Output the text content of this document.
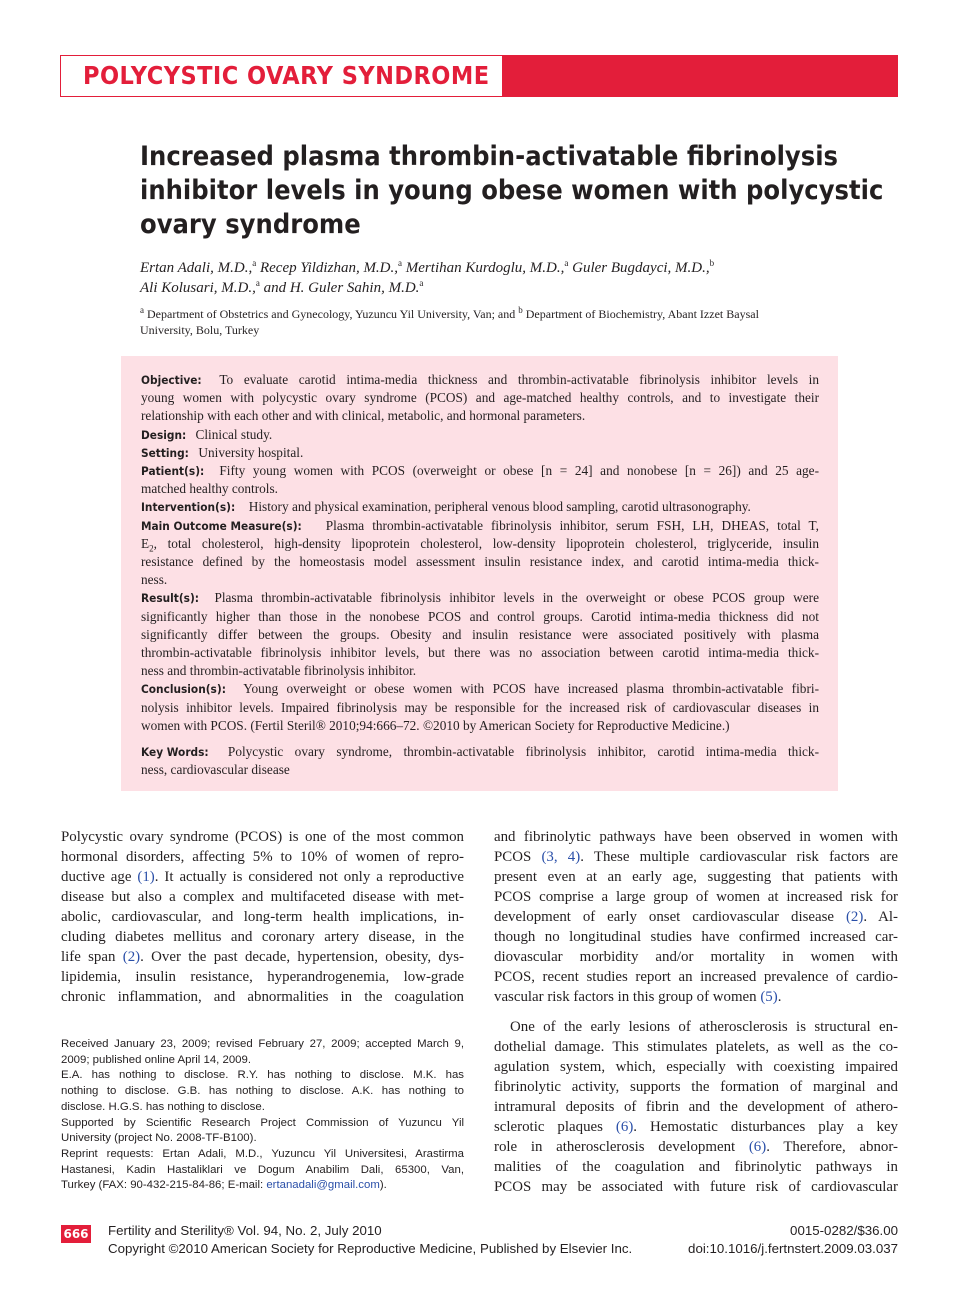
POLYCYSTIC OVARY SYNDROME
Increased plasma thrombin-activatable fibrinolysis
inhibitor levels in young obese women with polycystic
ovary syndrome
Ertan Adali, M.D.,$^a$ Recep Yildizhan, M.D.,$^a$ Mertihan Kurdoglu, M.D.,$^a$ Guler Bugdayci, M.D.,$^b$
Ali Kolusari, M.D.,$^a$ and H. Guler Sahin, M.D.$^a$
$^a$ Department of Obstetrics and Gynecology, Yuzuncu Yil University, Van; and $^b$ Department of Biochemistry, Abant Izzet Baysal
University, Bolu, Turkey
Objective: To evaluate carotid intima-media thickness and thrombin-activatable fibrinolysis inhibitor levels in
young women with polycystic ovary syndrome (PCOS) and age-matched healthy controls, and to investigate their
relationship with each other and with clinical, metabolic, and hormonal parameters.
Design: Clinical study.
Setting: University hospital.
Patient(s): Fifty young women with PCOS (overweight or obese [n = 24] and nonobese [n = 26]) and 25 age-
matched healthy controls.
Intervention(s): History and physical examination, peripheral venous blood sampling, carotid ultrasonography.
Main Outcome Measure(s): Plasma thrombin-activatable fibrinolysis inhibitor, serum FSH, LH, DHEAS, total T,
$E_2$, total cholesterol, high-density lipoprotein cholesterol, low-density lipoprotein cholesterol, triglyceride, insulin
resistance defined by the homeostasis model assessment insulin resistance index, and carotid intima-media thick-
ness.
Result(s): Plasma thrombin-activatable fibrinolysis inhibitor levels in the overweight or obese PCOS group were
significantly higher than those in the nonobese PCOS and control groups. Carotid intima-media thickness did not
significantly differ between the groups. Obesity and insulin resistance were associated positively with plasma
thrombin-activatable fibrinolysis inhibitor levels, but there was no association between carotid intima-media thick-
ness and thrombin-activatable fibrinolysis inhibitor.
Conclusion(s): Young overweight or obese women with PCOS have increased plasma thrombin-activatable fibri-
nolysis inhibitor levels. Impaired fibrinolysis may be responsible for the increased risk of cardiovascular diseases in
women with PCOS. (Fertil Steril® 2010;94:666–72. ©2010 by American Society for Reproductive Medicine.)
Key Words: Polycystic ovary syndrome, thrombin-activatable fibrinolysis inhibitor, carotid intima-media thick-
ness, cardiovascular disease
Polycystic ovary syndrome (PCOS) is one of the most common
hormonal disorders, affecting 5% to 10% of women of repro-
ductive age (1). It actually is considered not only a reproductive
disease but also a complex and multifaceted disease with met-
abolic, cardiovascular, and long-term health implications, in-
cluding diabetes mellitus and coronary artery disease, in the
life span (2). Over the past decade, hypertension, obesity, dys-
lipidemia, insulin resistance, hyperandrogenemia, low-grade
chronic inflammation, and abnormalities in the coagulation
and fibrinolytic pathways have been observed in women with
PCOS (3, 4). These multiple cardiovascular risk factors are
present even at an early age, suggesting that patients with
PCOS comprise a large group of women at increased risk for
development of early onset cardiovascular disease (2). Al-
though no longitudinal studies have confirmed increased car-
diovascular morbidity and/or mortality in women with
PCOS, recent studies report an increased prevalence of cardio-
vascular risk factors in this group of women (5).
One of the early lesions of atherosclerosis is structural en-
dothelial damage. This stimulates platelets, as well as the co-
agulation system, which, especially with coexisting impaired
fibrinolytic activity, supports the formation of marginal and
intramural deposits of fibrin and the development of athero-
sclerotic plaques (6). Hemostatic disturbances play a key
role in atherosclerosis development (6). Therefore, abnor-
malities of the coagulation and fibrinolytic pathways in
PCOS may be associated with future risk of cardiovascular
Received January 23, 2009; revised February 27, 2009; accepted March 9,
2009; published online April 14, 2009.
E.A. has nothing to disclose. R.Y. has nothing to disclose. M.K. has
nothing to disclose. G.B. has nothing to disclose. A.K. has nothing to
disclose. H.G.S. has nothing to disclose.
Supported by Scientific Research Project Commission of Yuzuncu Yil
University (project No. 2008-TF-B100).
Reprint requests: Ertan Adali, M.D., Yuzuncu Yil Universitesi, Arastirma
Hastanesi, Kadin Hastaliklari ve Dogum Anabilim Dali, 65300, Van,
Turkey (FAX: 90-432-215-84-86; E-mail: ertanadali@gmail.com).
666 Fertility and Sterility® Vol. 94, No. 2, July 2010
Copyright ©2010 American Society for Reproductive Medicine, Published by Elsevier Inc.
0015-0282/$36.00
doi:10.1016/j.fertnstert.2009.03.037
